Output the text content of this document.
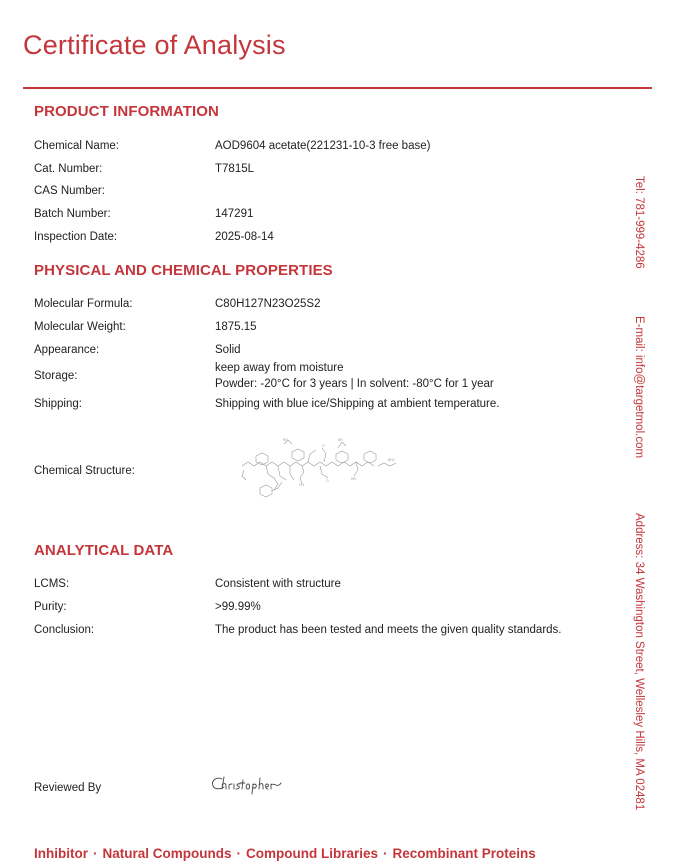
Certificate of Analysis
PRODUCT INFORMATION
Chemical Name:	AOD9604 acetate(221231-10-3 free base)
Cat. Number:	T7815L
CAS Number:
Batch Number:	147291
Inspection Date:	2025-08-14
PHYSICAL AND CHEMICAL PROPERTIES
Molecular Formula:	C80H127N23O25S2
Molecular Weight:	1875.15
Appearance:	Solid
Storage:
keep away from moisture
Powder: -20°C for 3 years | In solvent: -80°C for 1 year
Shipping:	Shipping with blue ice/Shipping at ambient temperature.
Chemical Structure:
HO
O
NH
OH
O
NH2
HN
ANALYTICAL DATA
LCMS:	Consistent with structure
Purity:	>99.99%
Conclusion:	The product has been tested and meets the given quality standards.
Reviewed By
Tel: 781-999-4286
E-mail: info@targetmol.com
Address: 34 Washington Street, Wellesley Hills, MA 02481
Inhibitor · Natural Compounds · Compound Libraries · Recombinant Proteins
